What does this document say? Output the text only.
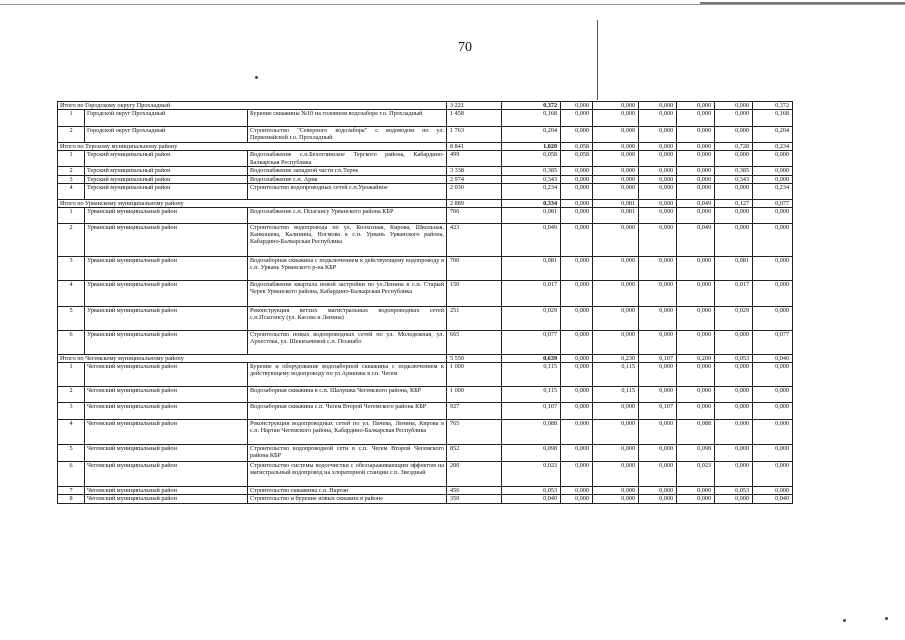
70
Итого по Городскому округу Прохладный			3 221	0,372	0,000	0,000	0,000	0,000	0,000	0,372	
1	Городской округ Прохладный	Бурение скважины №10 на головном водозаборе г.о. Прохладный	1 458	0,168	0,000	0,000	0,000	0,000	0,000	0,168	
2	Городской округ Прохладный	Строительство "Северного водозабора" с водоводом по ул. Первомайской г.о. Прохладный	1 763	0,204	0,000	0,000	0,000	0,000	0,000	0,204	
Итого по Терскому муниципальному району			8 841	1,020	0,058	0,000	0,000	0,000	0,728	0,234	
1	Терский муниципальный район	Водоснабжение с.п.Белоглинское Терского района, Кабардино-Балкарская Республика	499	0,058	0,058	0,000	0,000	0,000	0,000	0,000	
2	Терский муниципальный район	Водоснабжение западной части г.п.Терек	3 338	0,385	0,000	0,000	0,000	0,000	0,385	0,000	
3	Терский муниципальный район	Водоснабжение с.п. Арик	2 974	0,343	0,000	0,000	0,000	0,000	0,343	0,000	
4	Терский муниципальный район	Строительство водопроводных сетей с.п.Урожайное	2 030	0,234	0,000	0,000	0,000	0,000	0,000	0,234	
Итого по Урванскому муниципальному району			2 889	0,334	0,000	0,081	0,000	0,049	0,127	0,077	
1	Урванский муниципальный район	Водоснабжение с.п. Псыгансу Урванского района КБР	700	0,081	0,000	0,081	0,000	0,000	0,000	0,000	
2	Урванский муниципальный район	Строительство водопровода по ул. Колхозная, Кирова, Школьная, Канкошева, Калинина, Ногмова в с.п. Урвань Урванского района, Кабардино-Балкарская Республика	423	0,049	0,000	0,000	0,000	0,049	0,000	0,000	
3	Урванский муниципальный район	Водозаборная скважина с подключением к действующему водопроводу в с.п. Урвань Урванского р-на КБР	700	0,081	0,000	0,000	0,000	0,000	0,081	0,000	
4	Урванский муниципальный район	Водоснабжение квартала новой застройки по ул.Ленина в с.п. Старый Черек Урванского района, Кабардино-Балкарская Республика	150	0,017	0,000	0,000	0,000	0,000	0,017	0,000	
5	Урванский муниципальный район	Реконструкция ветхих магистральных водопроводных сетей с.п.Псыгансу (ул. Касова и Ленина)	251	0,029	0,000	0,000	0,000	0,000	0,029	0,000	
6	Урванский муниципальный район	Строительство новых водопроводных сетей по ул. Молодежная, ул. Архестова, ул. Шекихачевой с.п. Псынабо	665	0,077	0,000	0,000	0,000	0,000	0,000	0,077	
Итого по Чегемскому муниципальному району			5 550	0,639	0,000	0,230	0,107	0,209	0,053	0,040	
1	Чегемский муниципальный район	Бурение и оборудование водозаборной скважины с подключением к действующему водопроводу по ул.Аришева в г.п. Чегем	1 000	0,115	0,000	0,115	0,000	0,000	0,000	0,000	
2	Чегемский муниципальный район	Водозаборная скважина в с.п. Шалушка Чегемского района, КБР	1 000	0,115	0,000	0,115	0,000	0,000	0,000	0,000	
3	Чегемский муниципальный район	Водозаборная скважина с.п. Чегем Второй Чегемского района КБР	927	0,107	0,000	0,000	0,107	0,000	0,000	0,000	
4	Чегемский муниципальный район	Реконструкция водопроводных сетей по ул. Пачева, Ленина, Кирова в с.п. Нартан Чегемского района, Кабардино-Балкарская Республика	765	0,088	0,000	0,000	0,000	0,088	0,000	0,000	
5	Чегемский муниципальный район	Строительство водопроводной сети в с.п. Чегем Второй Чегемского района КБР	852	0,098	0,000	0,000	0,000	0,098	0,000	0,000	
6	Чегемский муниципальный район	Строительство системы водоочистки с обеззараживающим эффектом на магистральный водопровод на хлораторной станции с.п. Звездный	200	0,023	0,000	0,000	0,000	0,023	0,000	0,000	
7	Чегемский муниципальный район	Строительство скважины с.п. Нартан	456	0,053	0,000	0,000	0,000	0,000	0,053	0,000	
8	Чегемский муниципальный район	Строительство и бурение новых скважин в районе	350	0,040	0,000	0,000	0,000	0,000	0,000	0,040	
